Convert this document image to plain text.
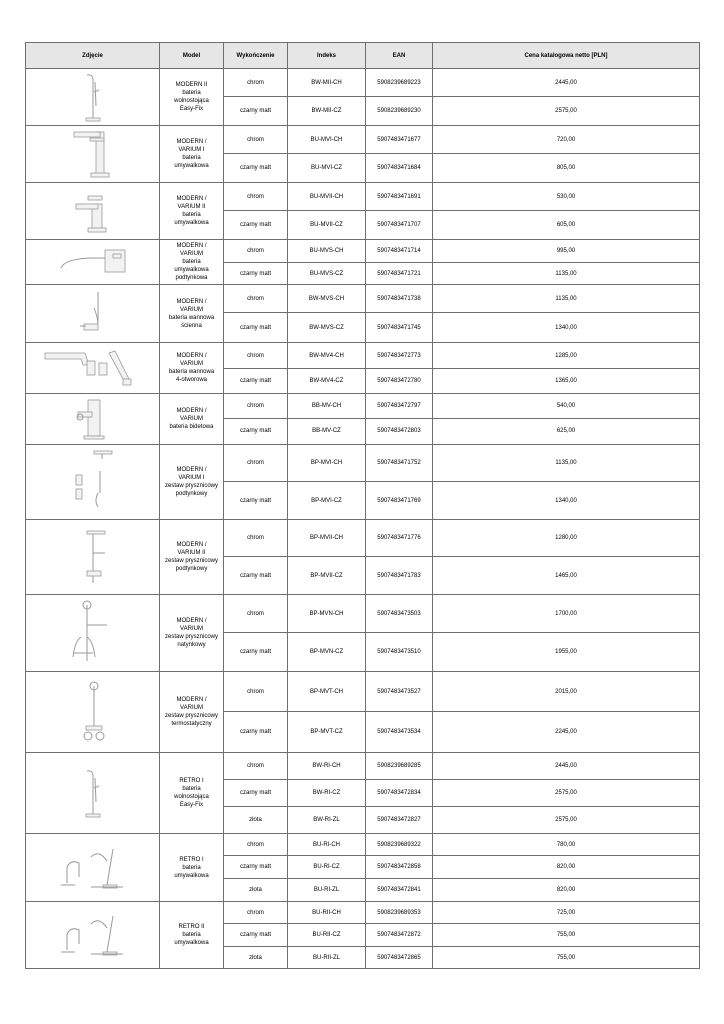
Zdjęcie	Model	Wykończenie	Indeks	EAN	Cena katalogowa netto [PLN]

	MODERN II
bateria
wolnostojąca
Easy-Fix	chrom	BW-MII-CH	5908239689223	2445,00
		czarny matt	BW-MII-CZ	5908239689230	2575,00

	MODERN /
VARIUM I
bateria
umywalkowa	chrom	BU-MVI-CH	5907483471677	720,00
		czarny matt	BU-MVI-CZ	5907483471684	805,00

	MODERN /
VARIUM II
bateria
umywalkowa	chrom	BU-MVII-CH	5907483471691	530,00
		czarny matt	BU-MVII-CZ	5907483471707	605,00

	MODERN /
VARIUM
bateria
umywalkowa
podtynkowa	chrom	BU-MVS-CH	5907483471714	995,00
		czarny matt	BU-MVS-CZ	5907483471721	1135,00

	MODERN /
VARIUM
bateria wannowa
ścienna	chrom	BW-MVS-CH	5907483471738	1135,00
		czarny matt	BW-MVS-CZ	5907483471745	1340,00

	MODERN /
VARIUM
bateria wannowa
4-otworowa	chrom	BW-MV4-CH	5907483472773	1285,00
		czarny matt	BW-MV4-CZ	5907483472780	1365,00

	MODERN /
VARIUM
bateria bidetowa	chrom	BB-MV-CH	5907483472797	540,00
		czarny matt	BB-MV-CZ	5907483472803	625,00

	MODERN /
VARIUM I
zestaw prysznicowy
podtynkowy	chrom	BP-MVI-CH	5907483471752	1135,00
		czarny matt	BP-MVI-CZ	5907483471769	1340,00

	MODERN /
VARIUM II
zestaw prysznicowy
podtynkowy	chrom	BP-MVII-CH	5907483471776	1280,00
		czarny matt	BP-MVII-CZ	5907483471783	1465,00

	MODERN /
VARIUM
zestaw prysznicowy
natynkowy	chrom	BP-MVN-CH	5907483473503	1700,00
		czarny matt	BP-MVN-CZ	5907483473510	1955,00

	MODERN /
VARIUM
zestaw prysznicowy
termostatyczny	chrom	BP-MVT-CH	5907483473527	2015,00
		czarny matt	BP-MVT-CZ	5907483473534	2245,00

	RETRO I
bateria
wolnostojąca
Easy-Fix	chrom	BW-RI-CH	5908239689285	2445,00
		czarny matt	BW-RI-CZ	5907483472834	2575,00
		złota	BW-RI-ZL	5907483472827	2575,00

	RETRO I
bateria
umywalkowa	chrom	BU-RI-CH	5908239689322	780,00
		czarny matt	BU-RI-CZ	5907483472858	820,00
		złota	BU-RI-ZL	5907483472841	820,00

	RETRO II
bateria
umywalkowa	chrom	BU-RII-CH	5908239689353	725,00
		czarny matt	BU-RII-CZ	5907483472872	755,00
		złota	BU-RII-ZL	5907483472865	755,00
